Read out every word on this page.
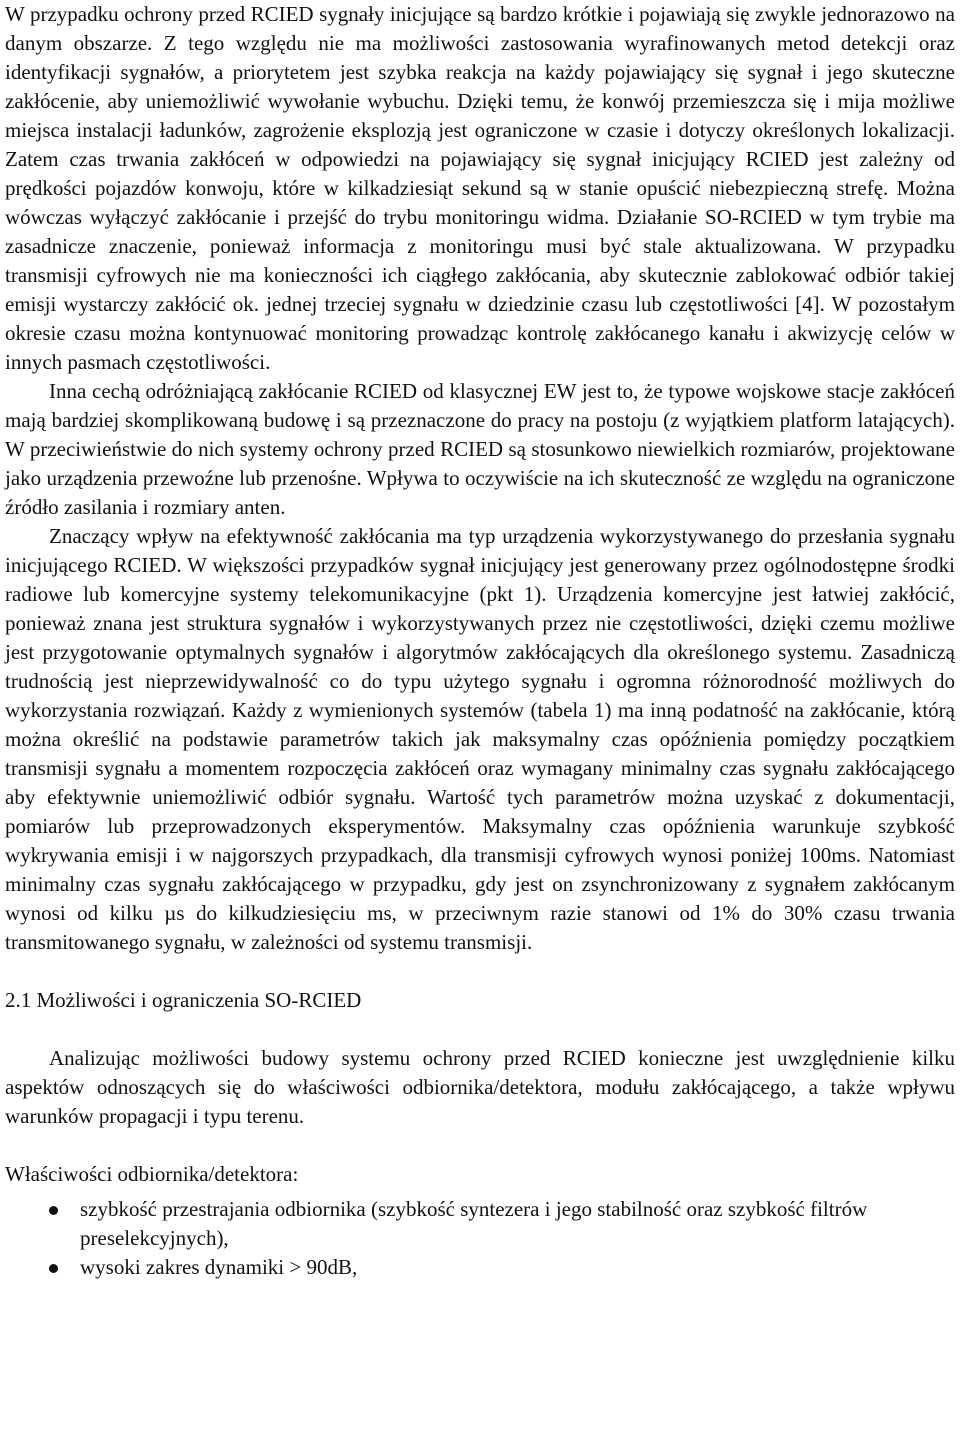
W przypadku ochrony przed RCIED sygnały inicjujące są bardzo krótkie i pojawiają się zwykle jednorazowo na danym obszarze. Z tego względu nie ma możliwości zastosowania wyrafinowanych metod detekcji oraz identyfikacji sygnałów, a priorytetem jest szybka reakcja na każdy pojawiający się sygnał i jego skuteczne zakłócenie, aby uniemożliwić wywołanie wybuchu. Dzięki temu, że konwój przemieszcza się i mija możliwe miejsca instalacji ładunków, zagrożenie eksplozją jest ograniczone w czasie i dotyczy określonych lokalizacji. Zatem czas trwania zakłóceń w odpowiedzi na pojawiający się sygnał inicjujący RCIED jest zależny od prędkości pojazdów konwoju, które w kilkadziesiąt sekund są w stanie opuścić niebezpieczną strefę. Można wówczas wyłączyć zakłócanie i przejść do trybu monitoringu widma. Działanie SO-RCIED w tym trybie ma zasadnicze znaczenie, ponieważ informacja z monitoringu musi być stale aktualizowana. W przypadku transmisji cyfrowych nie ma konieczności ich ciągłego zakłócania, aby skutecznie zablokować odbiór takiej emisji wystarczy zakłócić ok. jednej trzeciej sygnału w dziedzinie czasu lub częstotliwości [4]. W pozostałym okresie czasu można kontynuować monitoring prowadząc kontrolę zakłócanego kanału i akwizycję celów w innych pasmach częstotliwości.

Inna cechą odróżniającą zakłócanie RCIED od klasycznej EW jest to, że typowe wojskowe stacje zakłóceń mają bardziej skomplikowaną budowę i są przeznaczone do pracy na postoju (z wyjątkiem platform latających). W przeciwieństwie do nich systemy ochrony przed RCIED są stosunkowo niewielkich rozmiarów, projektowane jako urządzenia przewoźne lub przenośne. Wpływa to oczywiście na ich skuteczność ze względu na ograniczone źródło zasilania i rozmiary anten.

Znaczący wpływ na efektywność zakłócania ma typ urządzenia wykorzystywanego do przesłania sygnału inicjującego RCIED. W większości przypadków sygnał inicjujący jest generowany przez ogólnodostępne środki radiowe lub komercyjne systemy telekomunikacyjne (pkt 1). Urządzenia komercyjne jest łatwiej zakłócić, ponieważ znana jest struktura sygnałów i wykorzystywanych przez nie częstotliwości, dzięki czemu możliwe jest przygotowanie optymalnych sygnałów i algorytmów zakłócających dla określonego systemu. Zasadniczą trudnością jest nieprzewidywalność co do typu użytego sygnału i ogromna różnorodność możliwych do wykorzystania rozwiązań. Każdy z wymienionych systemów (tabela 1) ma inną podatność na zakłócanie, którą można określić na podstawie parametrów takich jak maksymalny czas opóźnienia pomiędzy początkiem transmisji sygnału a momentem rozpoczęcia zakłóceń oraz wymagany minimalny czas sygnału zakłócającego aby efektywnie uniemożliwić odbiór sygnału. Wartość tych parametrów można uzyskać z dokumentacji, pomiarów lub przeprowadzonych eksperymentów. Maksymalny czas opóźnienia warunkuje szybkość wykrywania emisji i w najgorszych przypadkach, dla transmisji cyfrowych wynosi poniżej 100ms. Natomiast minimalny czas sygnału zakłócającego w przypadku, gdy jest on zsynchronizowany z sygnałem zakłócanym wynosi od kilku µs do kilkudziesięciu ms, w przeciwnym razie stanowi od 1% do 30% czasu trwania transmitowanego sygnału, w zależności od systemu transmisji.

2.1 Możliwości i ograniczenia SO-RCIED

Analizując możliwości budowy systemu ochrony przed RCIED konieczne jest uwzględnienie kilku aspektów odnoszących się do właściwości odbiornika/detektora, modułu zakłócającego, a także wpływu warunków propagacji i typu terenu.

Właściwości odbiornika/detektora:

szybkość przestrajania odbiornika (szybkość syntezera i jego stabilność oraz szybkość filtrów preselekcyjnych),
wysoki zakres dynamiki > 90dB,
